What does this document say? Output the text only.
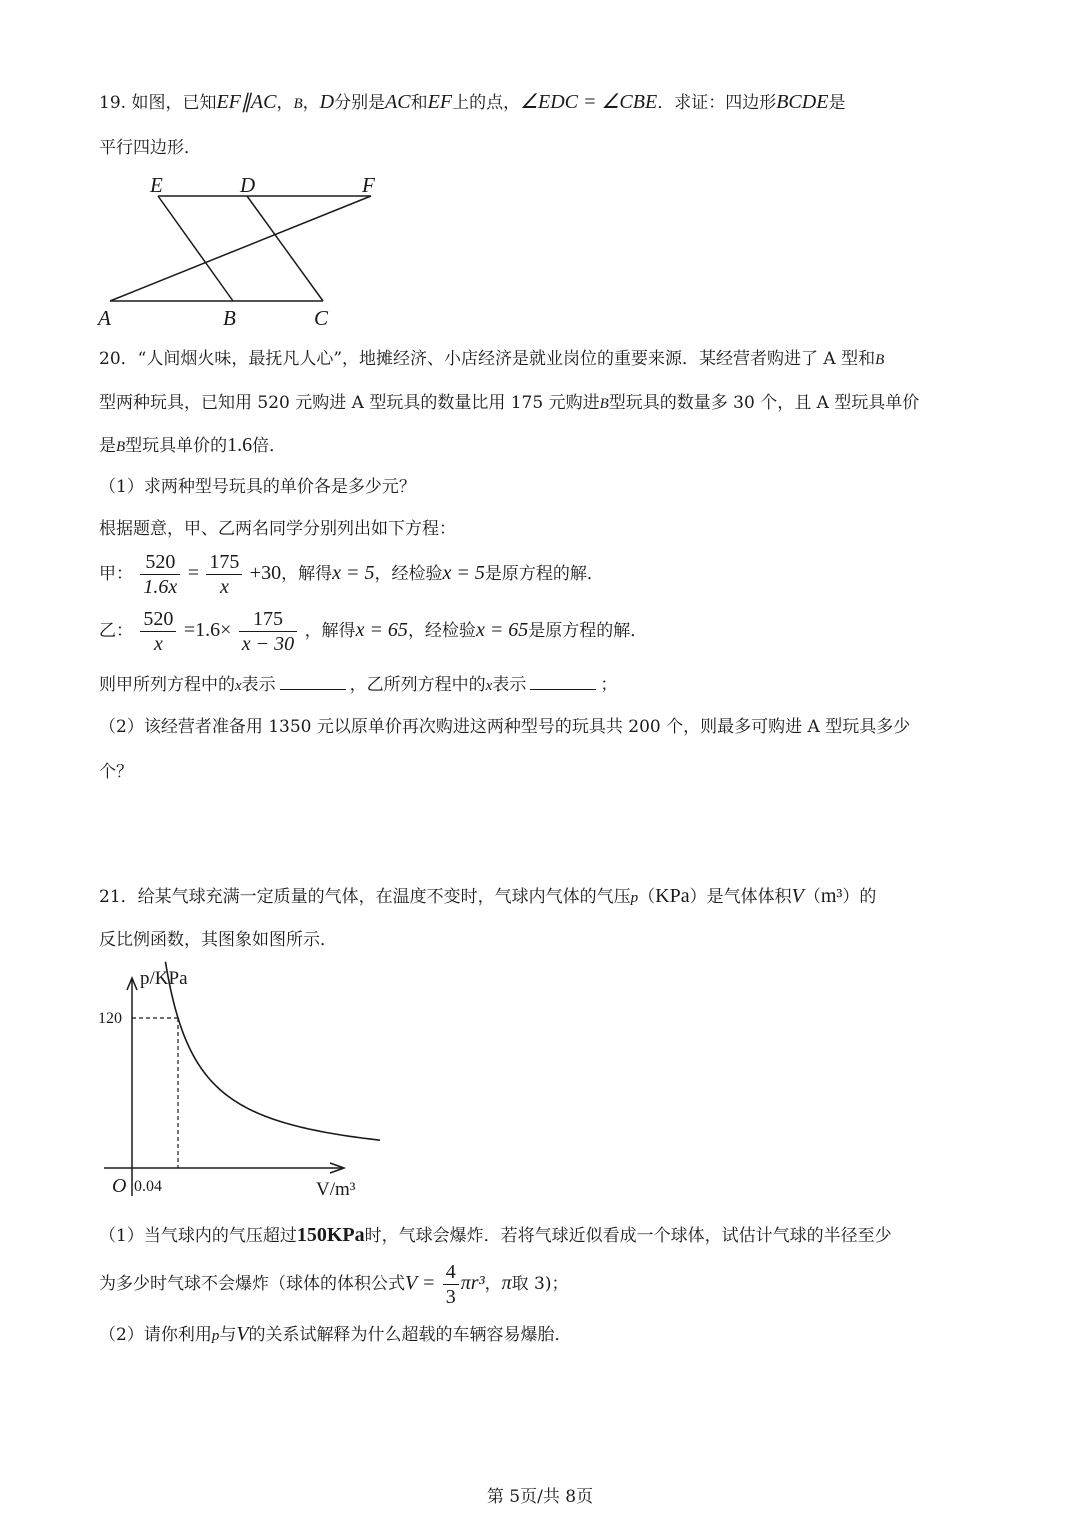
19. 如图，已知EF∥AC，B，D分别是AC和EF上的点，∠EDC = ∠CBE．求证：四边形BCDE是
平行四边形．
E	D	F
A	B	C
20．“人间烟火味，最抚凡人心”，地摊经济、小店经济是就业岗位的重要来源．某经营者购进了 A 型和B
型两种玩具，已知用 520 元购进 A 型玩具的数量比用 175 元购进B型玩具的数量多 30 个，且 A 型玩具单价
是B型玩具单价的1.6倍．
（1）求两种型号玩具的单价各是多少元？
根据题意，甲、乙两名同学分别列出如下方程：
甲： $\frac{520}{1.6x} = \frac{175}{x} +30$，解得x = 5，经检验x = 5是原方程的解．
乙： $\frac{520}{x} =1.6\times \frac{175}{x - 30}$ ，解得x = 65，经检验x = 65是原方程的解．
则甲所列方程中的x表示	，乙所列方程中的x表示	；
（2）该经营者准备用 1350 元以原单价再次购进这两种型号的玩具共 200 个，则最多可购进 A 型玩具多少
个？
21．给某气球充满一定质量的气体，在温度不变时，气球内气体的气压p（KPa）是气体体积V（m³）的
反比例函数，其图象如图所示．
p/KPa
120
0.04
O	V/m³
（1）当气球内的气压超过150KPa时，气球会爆炸．若将气球近似看成一个球体，试估计气球的半径至少
为多少时气球不会爆炸（球体的体积公式$V = \frac{4}{3} \pi r^3$，π取 3)；
（2）请你利用p与V的关系试解释为什么超载的车辆容易爆胎．
第 5页/共 8页
